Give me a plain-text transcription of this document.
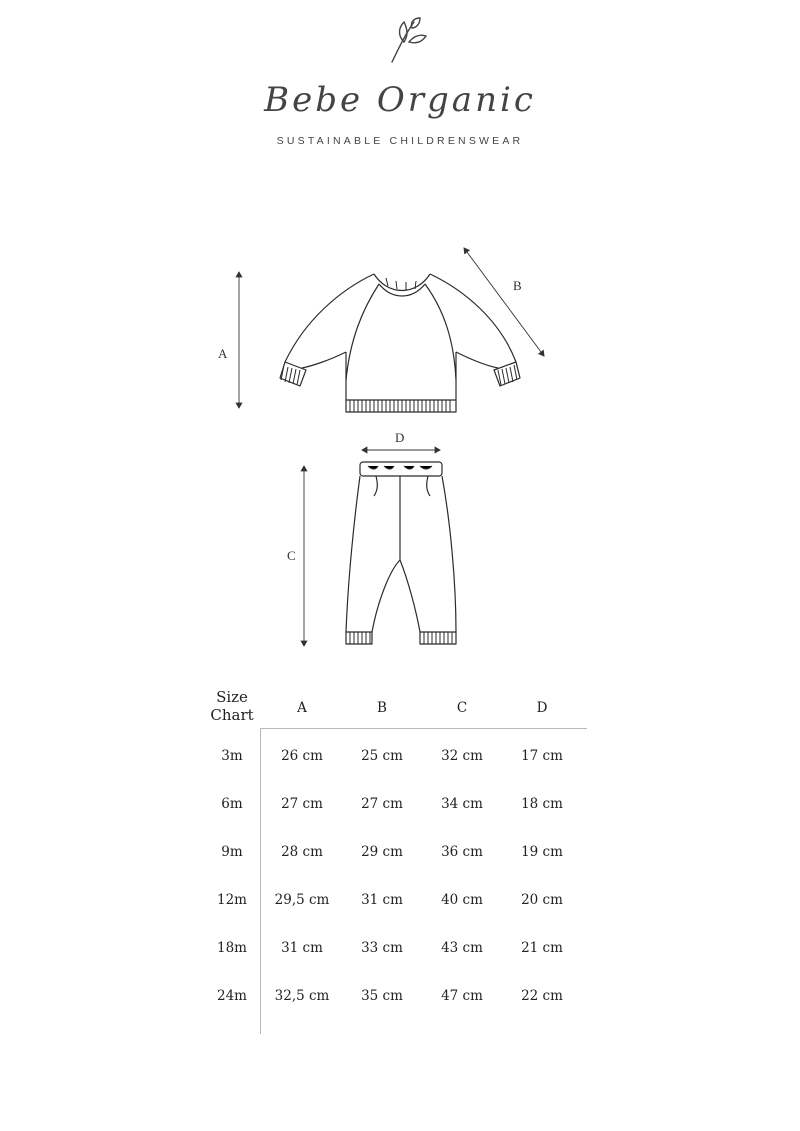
Bebe Organic
SUSTAINABLE CHILDRENSWEAR
A
B
D
C
Size
Chart	A	B	C	D
3m	26 cm	25 cm	32 cm	17 cm
6m	27 cm	27 cm	34 cm	18 cm
9m	28 cm	29 cm	36 cm	19 cm
12m	29,5 cm	31 cm	40 cm	20 cm
18m	31 cm	33 cm	43 cm	21 cm
24m	32,5 cm	35 cm	47 cm	22 cm
